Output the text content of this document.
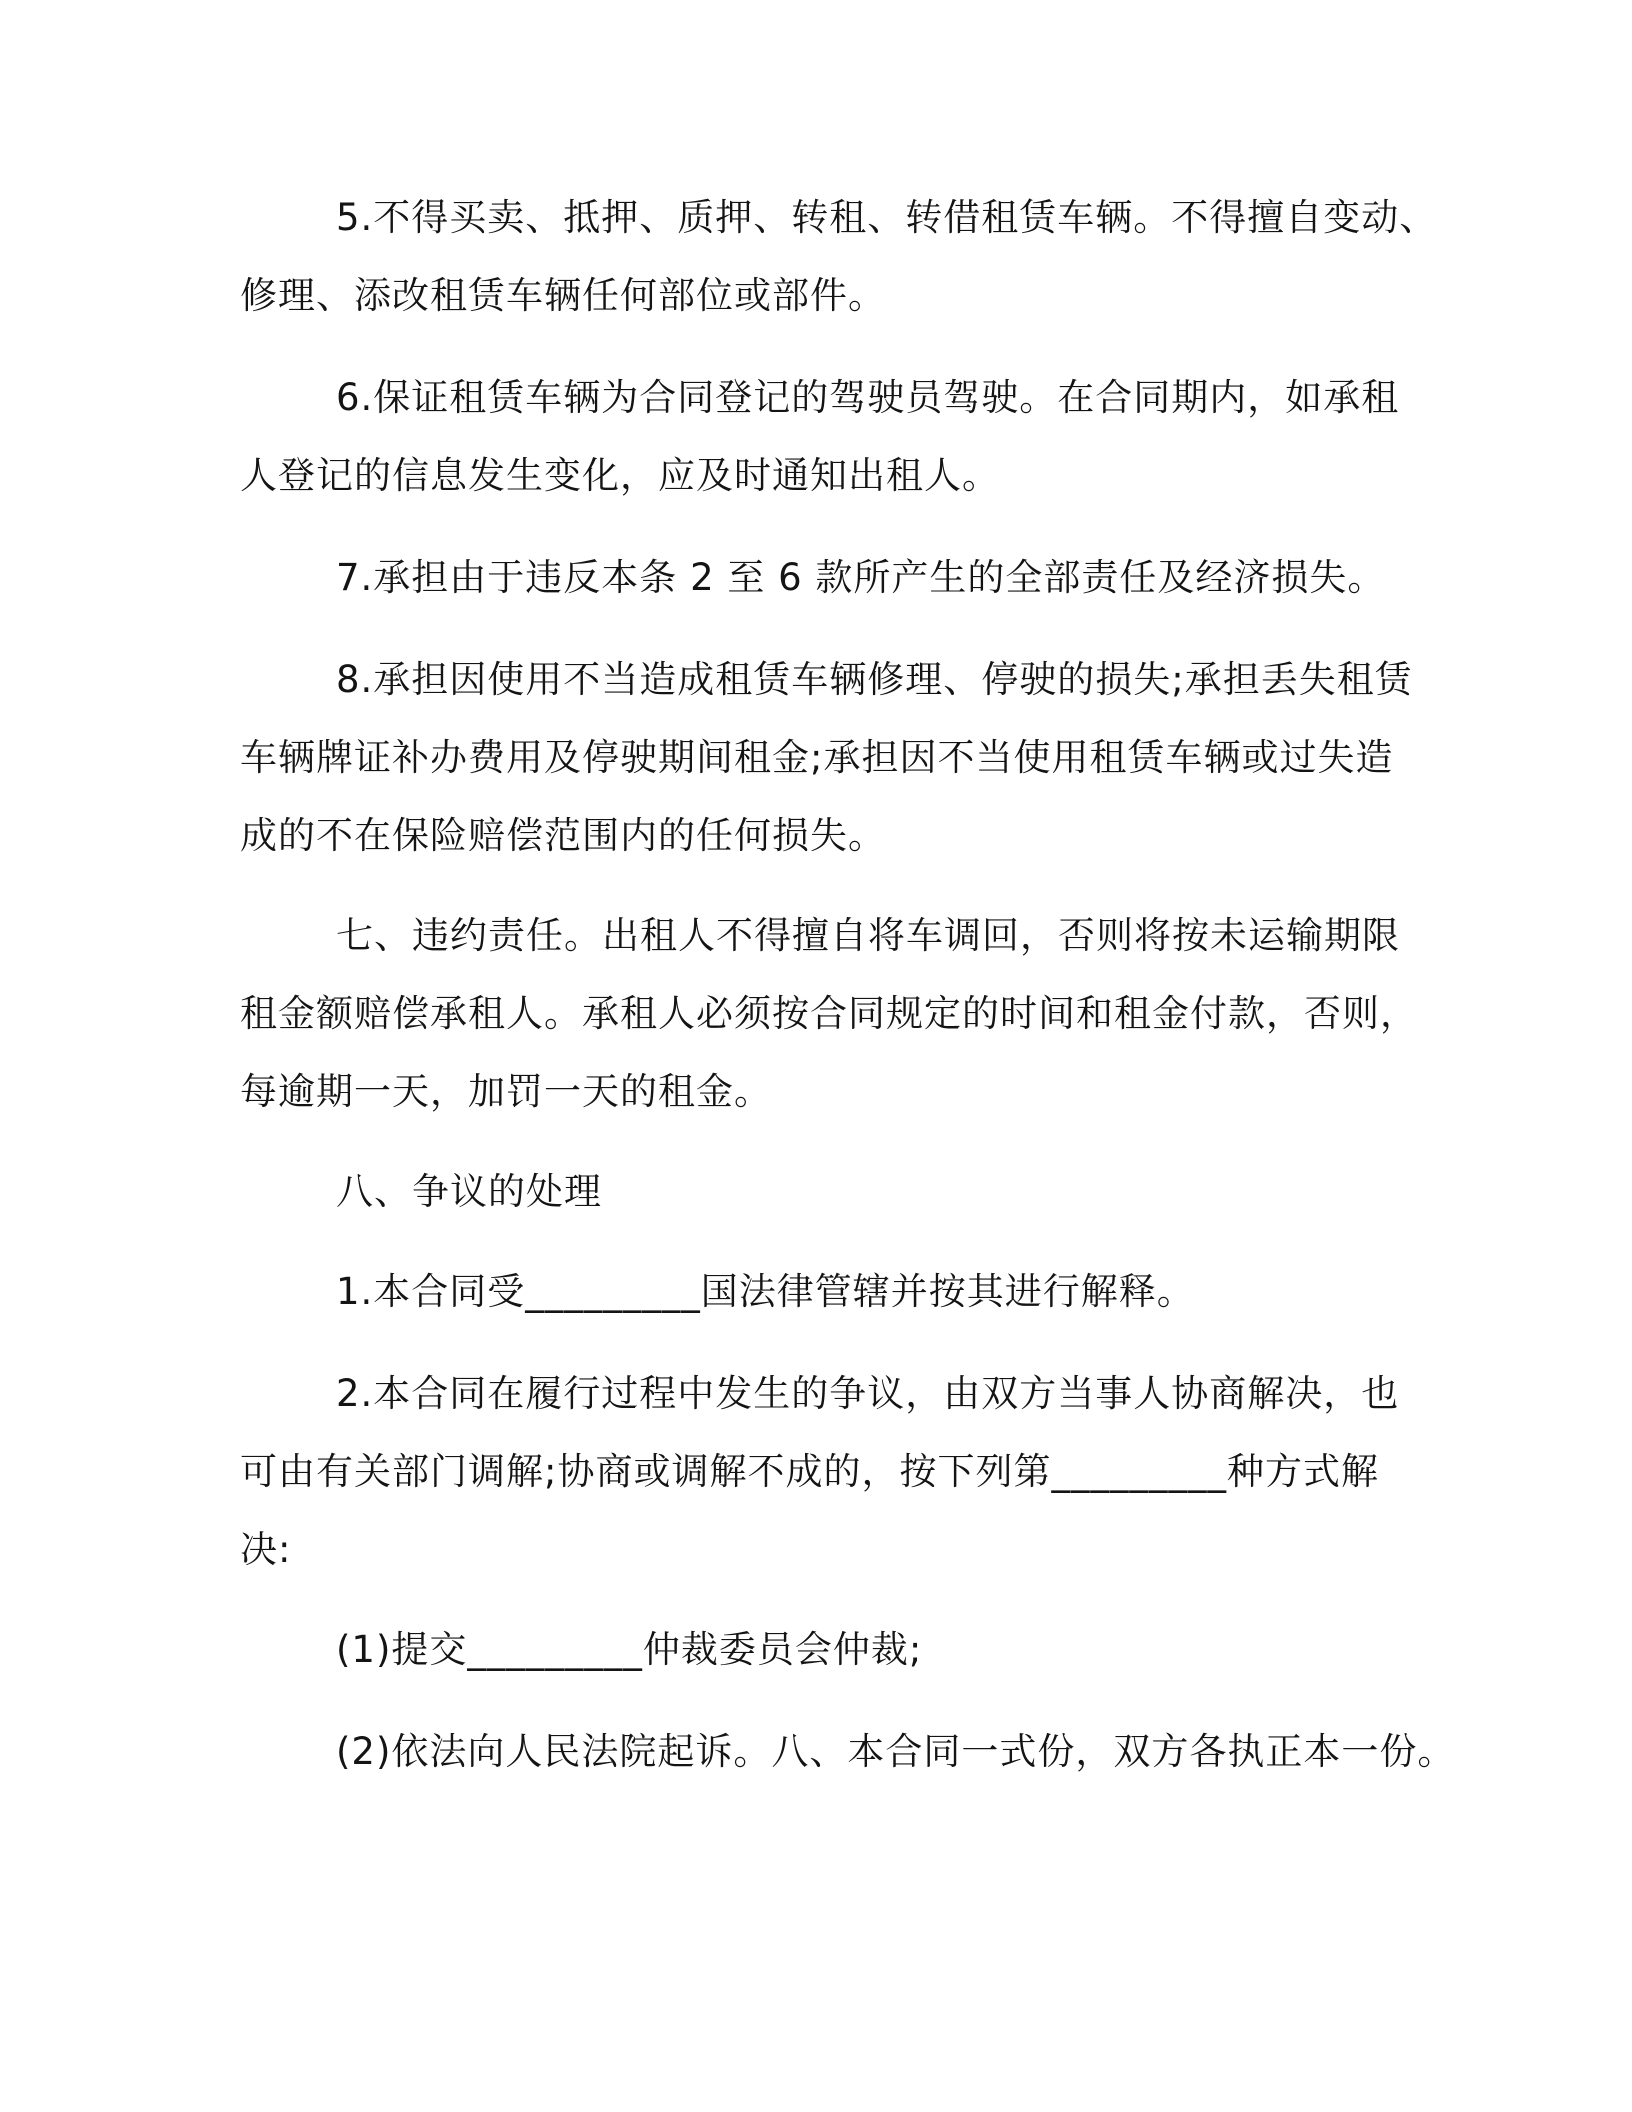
5.不得买卖、抵押、质押、转租、转借租赁车辆。不得擅自变动、
修理、添改租赁车辆任何部位或部件。
6.保证租赁车辆为合同登记的驾驶员驾驶。在合同期内，如承租
人登记的信息发生变化，应及时通知出租人。
7.承担由于违反本条 2 至 6 款所产生的全部责任及经济损失。
8.承担因使用不当造成租赁车辆修理、停驶的损失;承担丢失租赁
车辆牌证补办费用及停驶期间租金;承担因不当使用租赁车辆或过失造
成的不在保险赔偿范围内的任何损失。
七、违约责任。出租人不得擅自将车调回，否则将按未运输期限
租金额赔偿承租人。承租人必须按合同规定的时间和租金付款，否则，
每逾期一天，加罚一天的租金。
八、争议的处理
1.本合同受_________国法律管辖并按其进行解释。
2.本合同在履行过程中发生的争议，由双方当事人协商解决，也
可由有关部门调解;协商或调解不成的，按下列第_________种方式解
决:
(1)提交_________仲裁委员会仲裁;
(2)依法向人民法院起诉。八、本合同一式份，双方各执正本一份。
